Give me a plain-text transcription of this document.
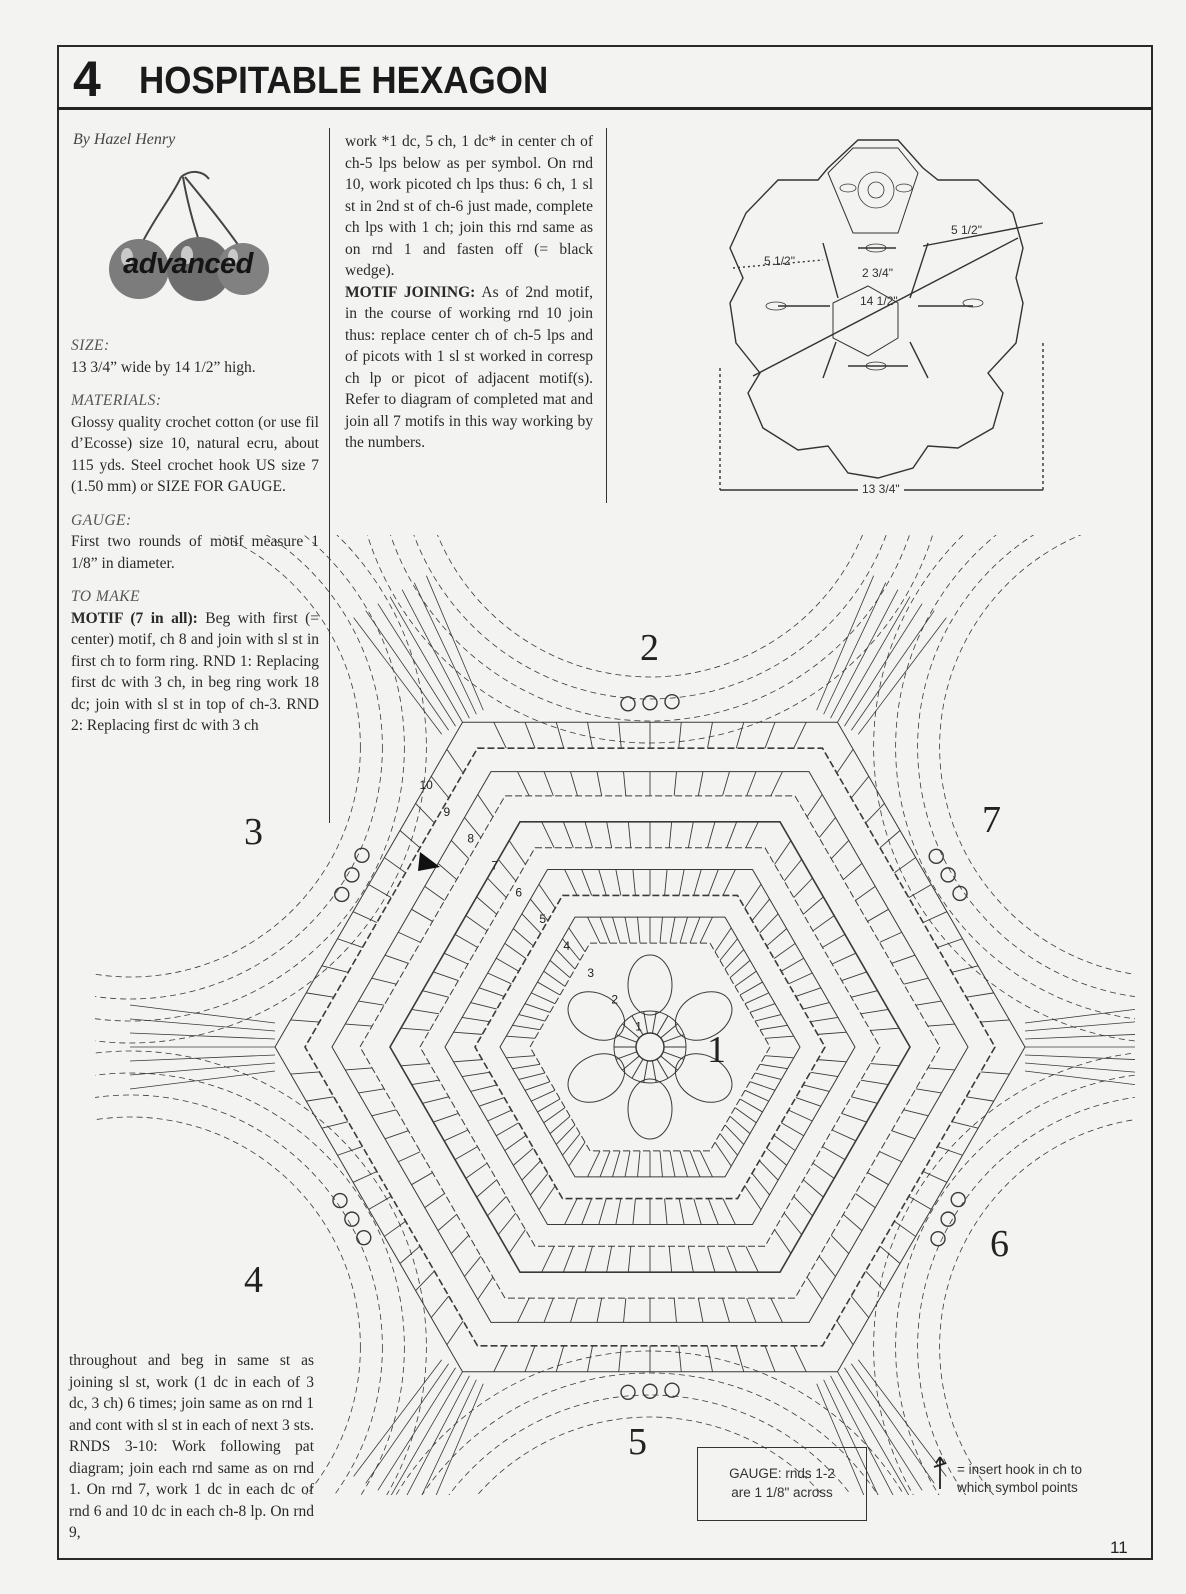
4 HOSPITABLE HEXAGON
By Hazel Henry
advanced

SIZE:

13 3/4” wide by 14 1/2” high.

MATERIALS:

Glossy quality crochet cotton (or use fil d’Ecosse) size 10, natural ecru, about 115 yds. Steel crochet hook US size 7 (1.50 mm) or SIZE FOR GAUGE.

GAUGE:

First two rounds of motif measure 1 1/8” in diameter.

TO MAKE

MOTIF (7 in all): Beg with first (= center) motif, ch 8 and join with sl st in first ch to form ring. RND 1: Replacing first dc with 3 ch, in beg ring work 18 dc; join with sl st in top of ch-3. RND 2: Replacing first dc with 3 ch

work *1 dc, 5 ch, 1 dc* in center ch of ch-5 lps below as per symbol. On rnd 10, work picoted ch lps thus: 6 ch, 1 sl st in 2nd st of ch-6 just made, complete ch lps with 1 ch; join this rnd same as on rnd 1 and fasten off (= black wedge).

MOTIF JOINING: As of 2nd motif, in the course of working rnd 10 join thus: replace center ch of ch-5 lps and of picots with 1 sl st worked in corresp ch lp or picot of adjacent motif(s). Refer to diagram of completed mat and join all 7 motifs in this way working by the numbers.

5 1/2"
5 1/2"
2 3/4"
14 1/2"
13 3/4"
1
2
3
4
5
6
7
8
9
10
1
2
3
4
5
6
7
throughout and beg in same st as joining sl st, work (1 dc in each of 3 dc, 3 ch) 6 times; join same as on rnd 1 and cont with sl st in each of next 3 sts. RNDS 3-10: Work following pat diagram; join each rnd same as on rnd 1. On rnd 7, work 1 dc in each dc of rnd 6 and 10 dc in each ch-8 lp. On rnd 9,
GAUGE: rnds 1-2
are 1 1/8" across
= insert hook in ch to which symbol points
11
